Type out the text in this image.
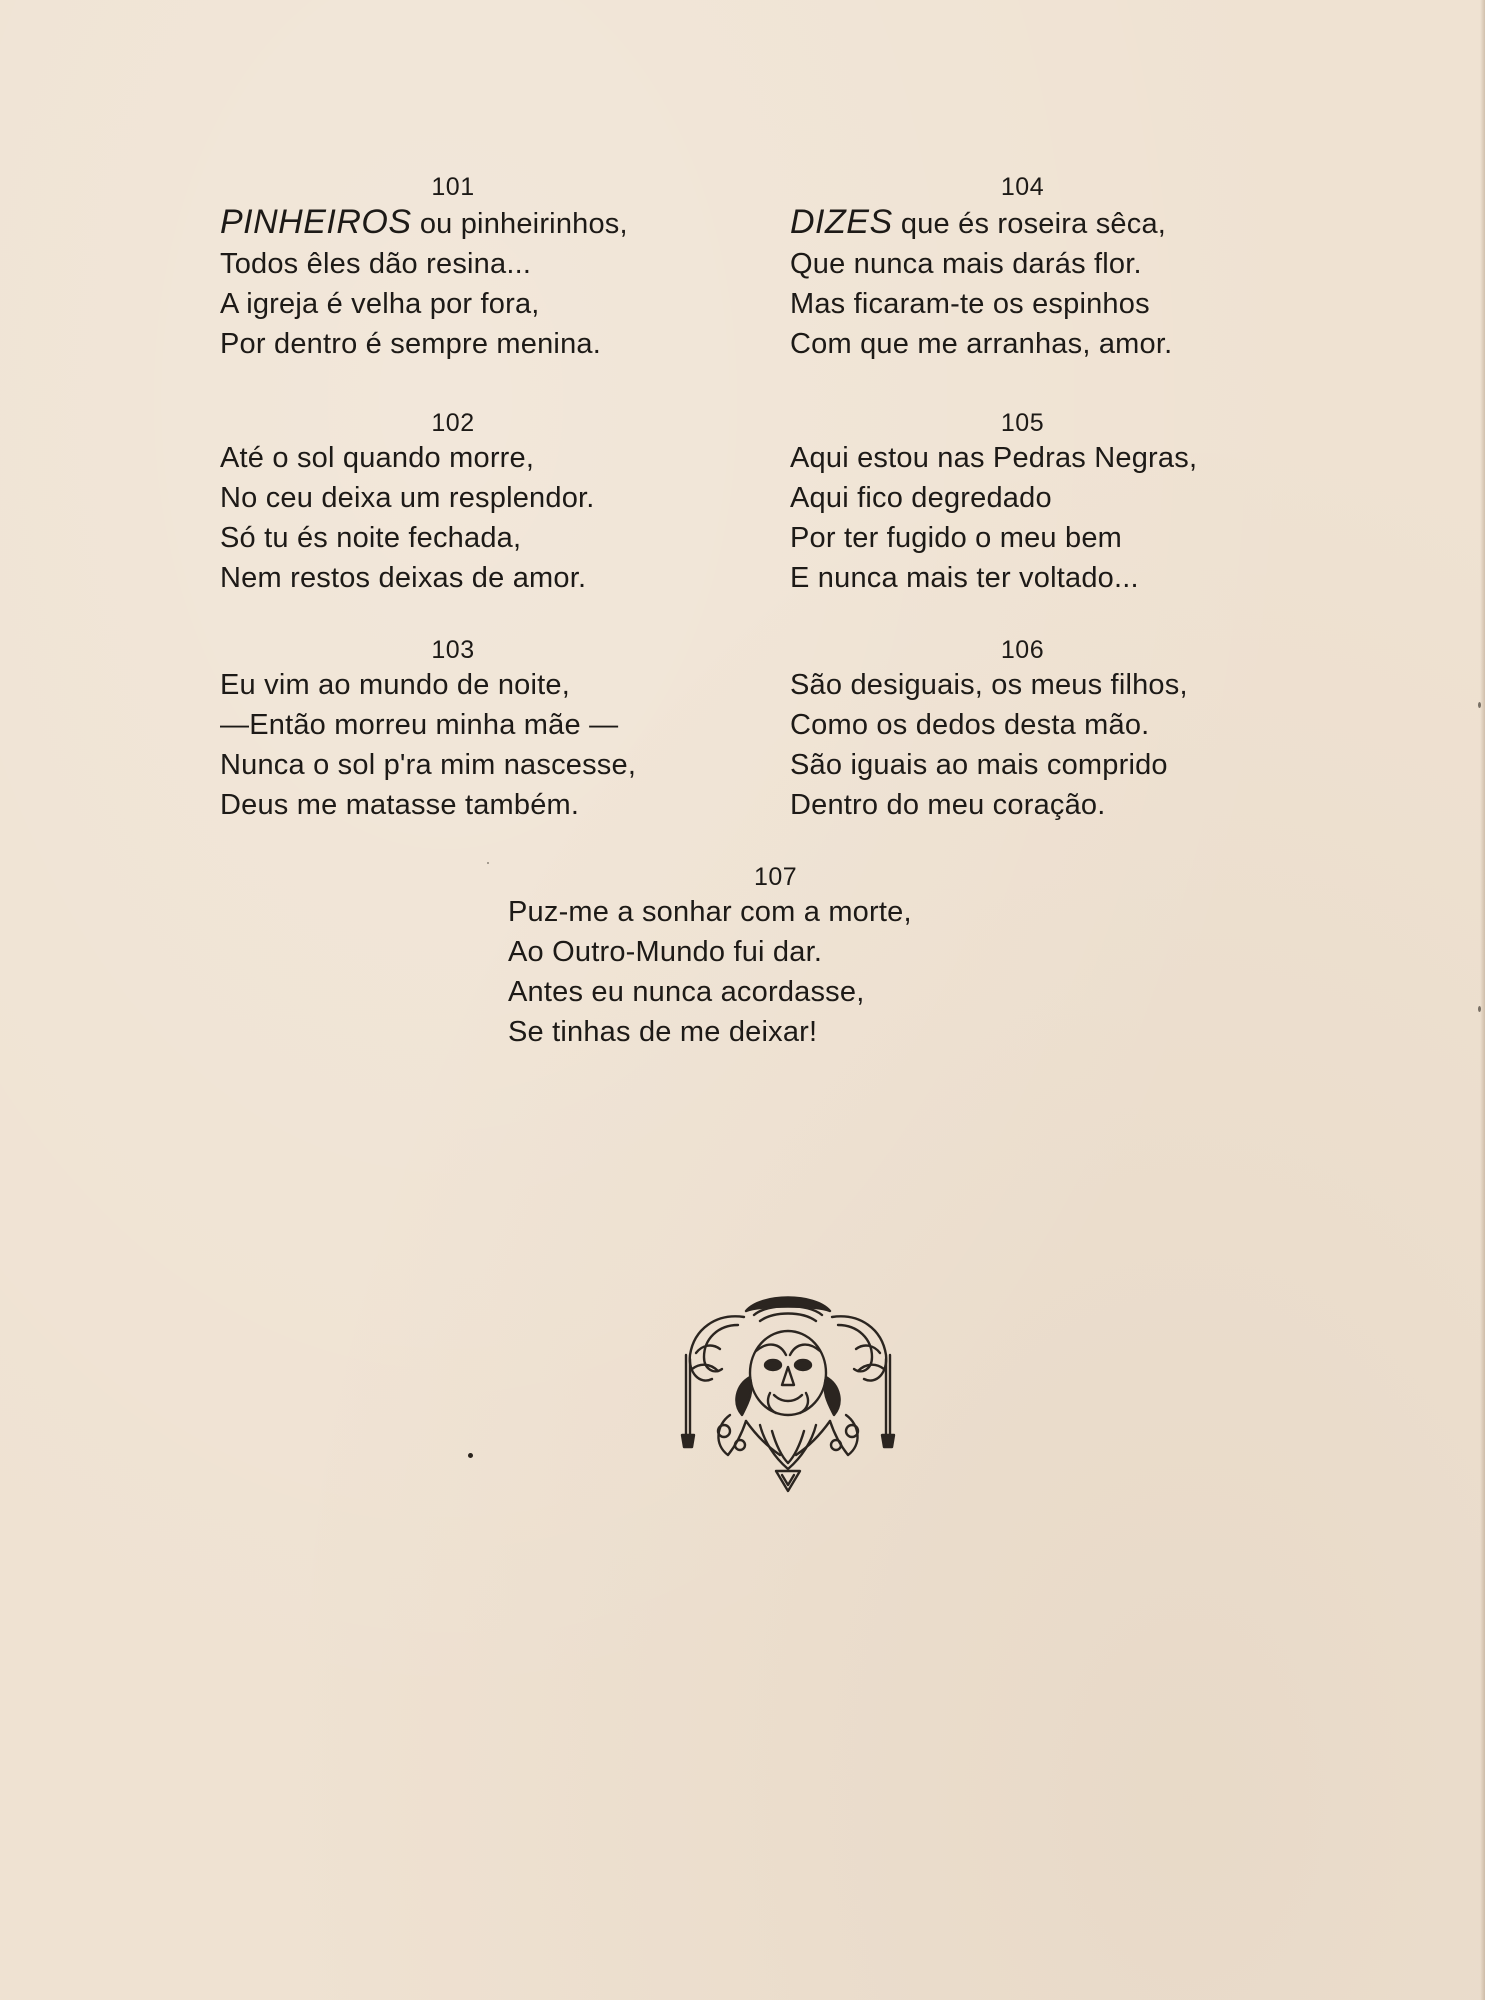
101
PINHEIROS ou pinheirinhos,
Todos êles dão resina...
A igreja é velha por fora,
Por dentro é sempre menina.
102
Até o sol quando morre,
No ceu deixa um resplendor.
Só tu és noite fechada,
Nem restos deixas de amor.
103
Eu vim ao mundo de noite,
—Então morreu minha mãe —
Nunca o sol p'ra mim nascesse,
Deus me matasse também.
104
DIZES que és roseira sêca,
Que nunca mais darás flor.
Mas ficaram-te os espinhos
Com que me arranhas, amor.
105
Aqui estou nas Pedras Negras,
Aqui fico degredado
Por ter fugido o meu bem
E nunca mais ter voltado...
106
São desiguais, os meus filhos,
Como os dedos desta mão.
São iguais ao mais comprido
Dentro do meu coração.
107
Puz-me a sonhar com a morte,
Ao Outro-Mundo fui dar.
Antes eu nunca acordasse,
Se tinhas de me deixar!
